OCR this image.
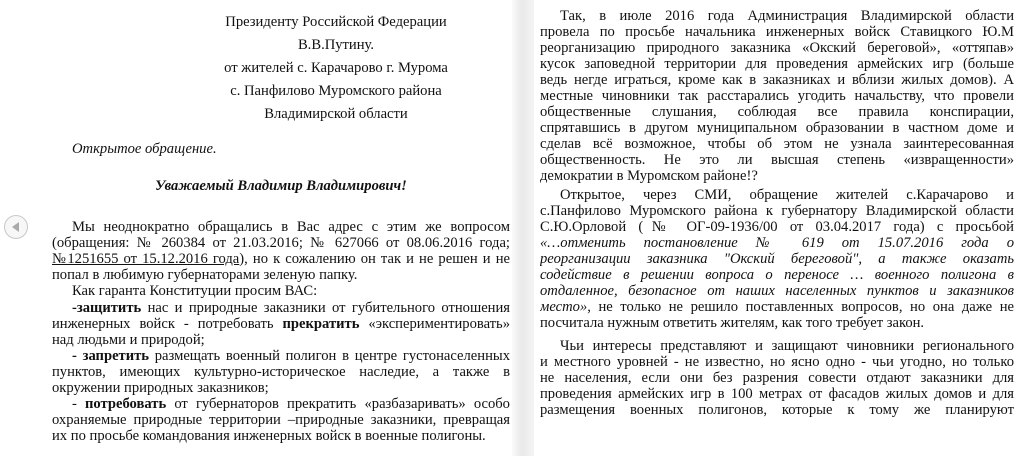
Президенту Российской Федерации
В.В.Путину.
от жителей с. Карачарово г. Мурома
с. Панфилово Муромского района
Владимирской области
Открытое обращение.
Уважаемый Владимир Владимирович!
Мы неоднократно обращались в Вас адрес с этим же вопросом
(обращения: № 260384 от 21.03.2016; № 627066 от 08.06.2016 года;
№1251655 от 15.12.2016 года), но к сожалению он так и не решен и не
попал в любимую губернаторами зеленую папку.
Как гаранта Конституции просим ВАС:
-защитить нас и природные заказники от губительного отношения
инженерных войск - потребовать прекратить «экспериментировать»
над людьми и природой;
- запретить размещать военный полигон в центре густонаселенных
пунктов, имеющих культурно-историческое наследие, а также в
окружении природных заказников;
- потребовать от губернаторов прекратить «разбазаривать» особо
охраняемые природные территории –природные заказники, превращая
их по просьбе командования инженерных войск в военные полигоны.
Так, в июле 2016 года Администрация Владимирской области
провела по просьбе начальника инженерных войск Ставицкого Ю.М
реорганизацию природного заказника «Окский береговой», «оттяпав»
кусок заповедной территории для проведения армейских игр (больше
ведь негде играться, кроме как в заказниках и вблизи жилых домов). А
местные чиновники так расстарались угодить начальству, что провели
общественные слушания, соблюдая все правила конспирации,
спрятавшись в другом муниципальном образовании в частном доме и
сделав всё возможное, чтобы об этом не узнала заинтересованная
общественность. Не это ли высшая степень «извращенности»
демократии в Муромском районе!?
Открытое, через СМИ, обращение жителей с.Карачарово и
с.Панфилово Муромского района к губернатору Владимирской области
С.Ю.Орловой (№ ОГ-09-1936/00 от 03.04.2017 года) с просьбой
«…отменить постановление № 619 от 15.07.2016 года о
реорганизации заказника "Окский береговой", а также оказать
содействие в решении вопроса о переносе … военного полигона в
отдаленное, безопасное от наших населенных пунктов и заказников
место», не только не решило поставленных вопросов, но она даже не
посчитала нужным ответить жителям, как того требует закон.
Чьи интересы представляют и защищают чиновники регионального
и местного уровней - не известно, но ясно одно - чьи угодно, но только
не населения, если они без разрения совести отдают заказники для
проведения армейских игр в 100 метрах от фасадов жилых домов и для
размещения военных полигонов, которые к тому же планируют
